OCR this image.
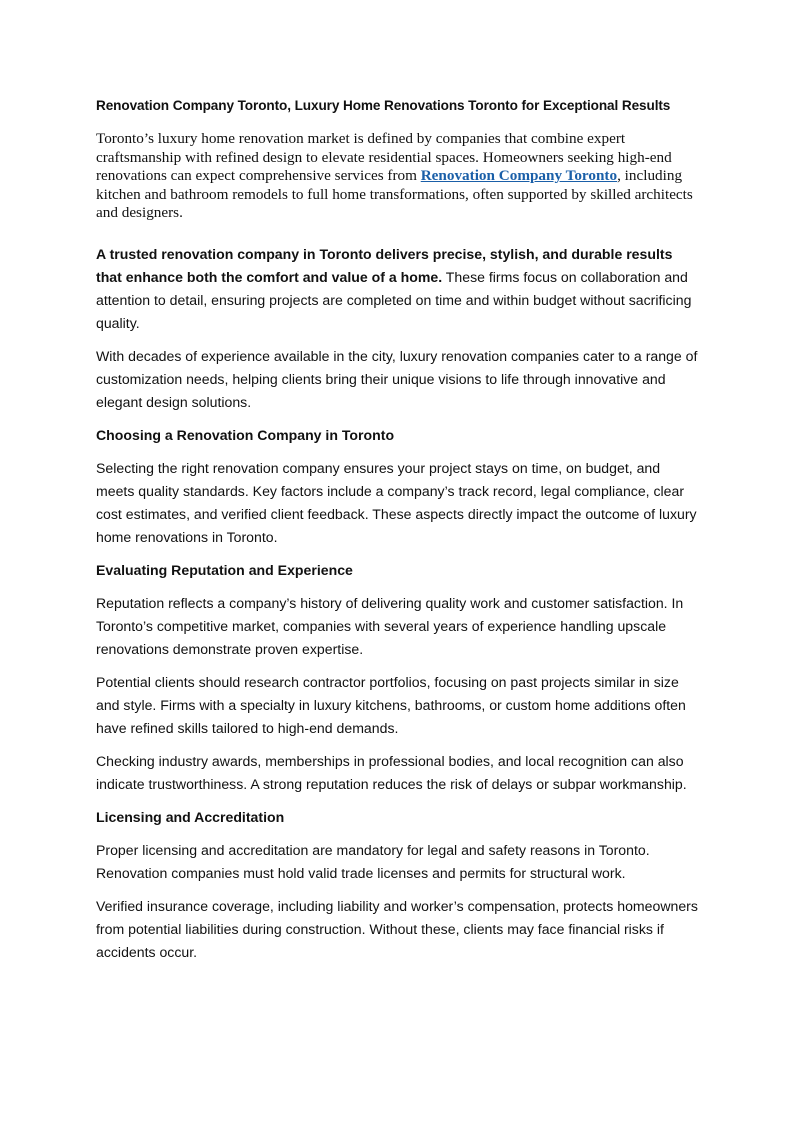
Renovation Company Toronto, Luxury Home Renovations Toronto for Exceptional Results

Toronto’s luxury home renovation market is defined by companies that combine expert craftsmanship with refined design to elevate residential spaces. Homeowners seeking high-end renovations can expect comprehensive services from Renovation Company Toronto, including kitchen and bathroom remodels to full home transformations, often supported by skilled architects and designers.

A trusted renovation company in Toronto delivers precise, stylish, and durable results that enhance both the comfort and value of a home. These firms focus on collaboration and attention to detail, ensuring projects are completed on time and within budget without sacrificing quality.

With decades of experience available in the city, luxury renovation companies cater to a range of customization needs, helping clients bring their unique visions to life through innovative and elegant design solutions.

Choosing a Renovation Company in Toronto

Selecting the right renovation company ensures your project stays on time, on budget, and meets quality standards. Key factors include a company’s track record, legal compliance, clear cost estimates, and verified client feedback. These aspects directly impact the outcome of luxury home renovations in Toronto.

Evaluating Reputation and Experience

Reputation reflects a company’s history of delivering quality work and customer satisfaction. In Toronto’s competitive market, companies with several years of experience handling upscale renovations demonstrate proven expertise.

Potential clients should research contractor portfolios, focusing on past projects similar in size and style. Firms with a specialty in luxury kitchens, bathrooms, or custom home additions often have refined skills tailored to high-end demands.

Checking industry awards, memberships in professional bodies, and local recognition can also indicate trustworthiness. A strong reputation reduces the risk of delays or subpar workmanship.

Licensing and Accreditation

Proper licensing and accreditation are mandatory for legal and safety reasons in Toronto. Renovation companies must hold valid trade licenses and permits for structural work.

Verified insurance coverage, including liability and worker’s compensation, protects homeowners from potential liabilities during construction. Without these, clients may face financial risks if accidents occur.
